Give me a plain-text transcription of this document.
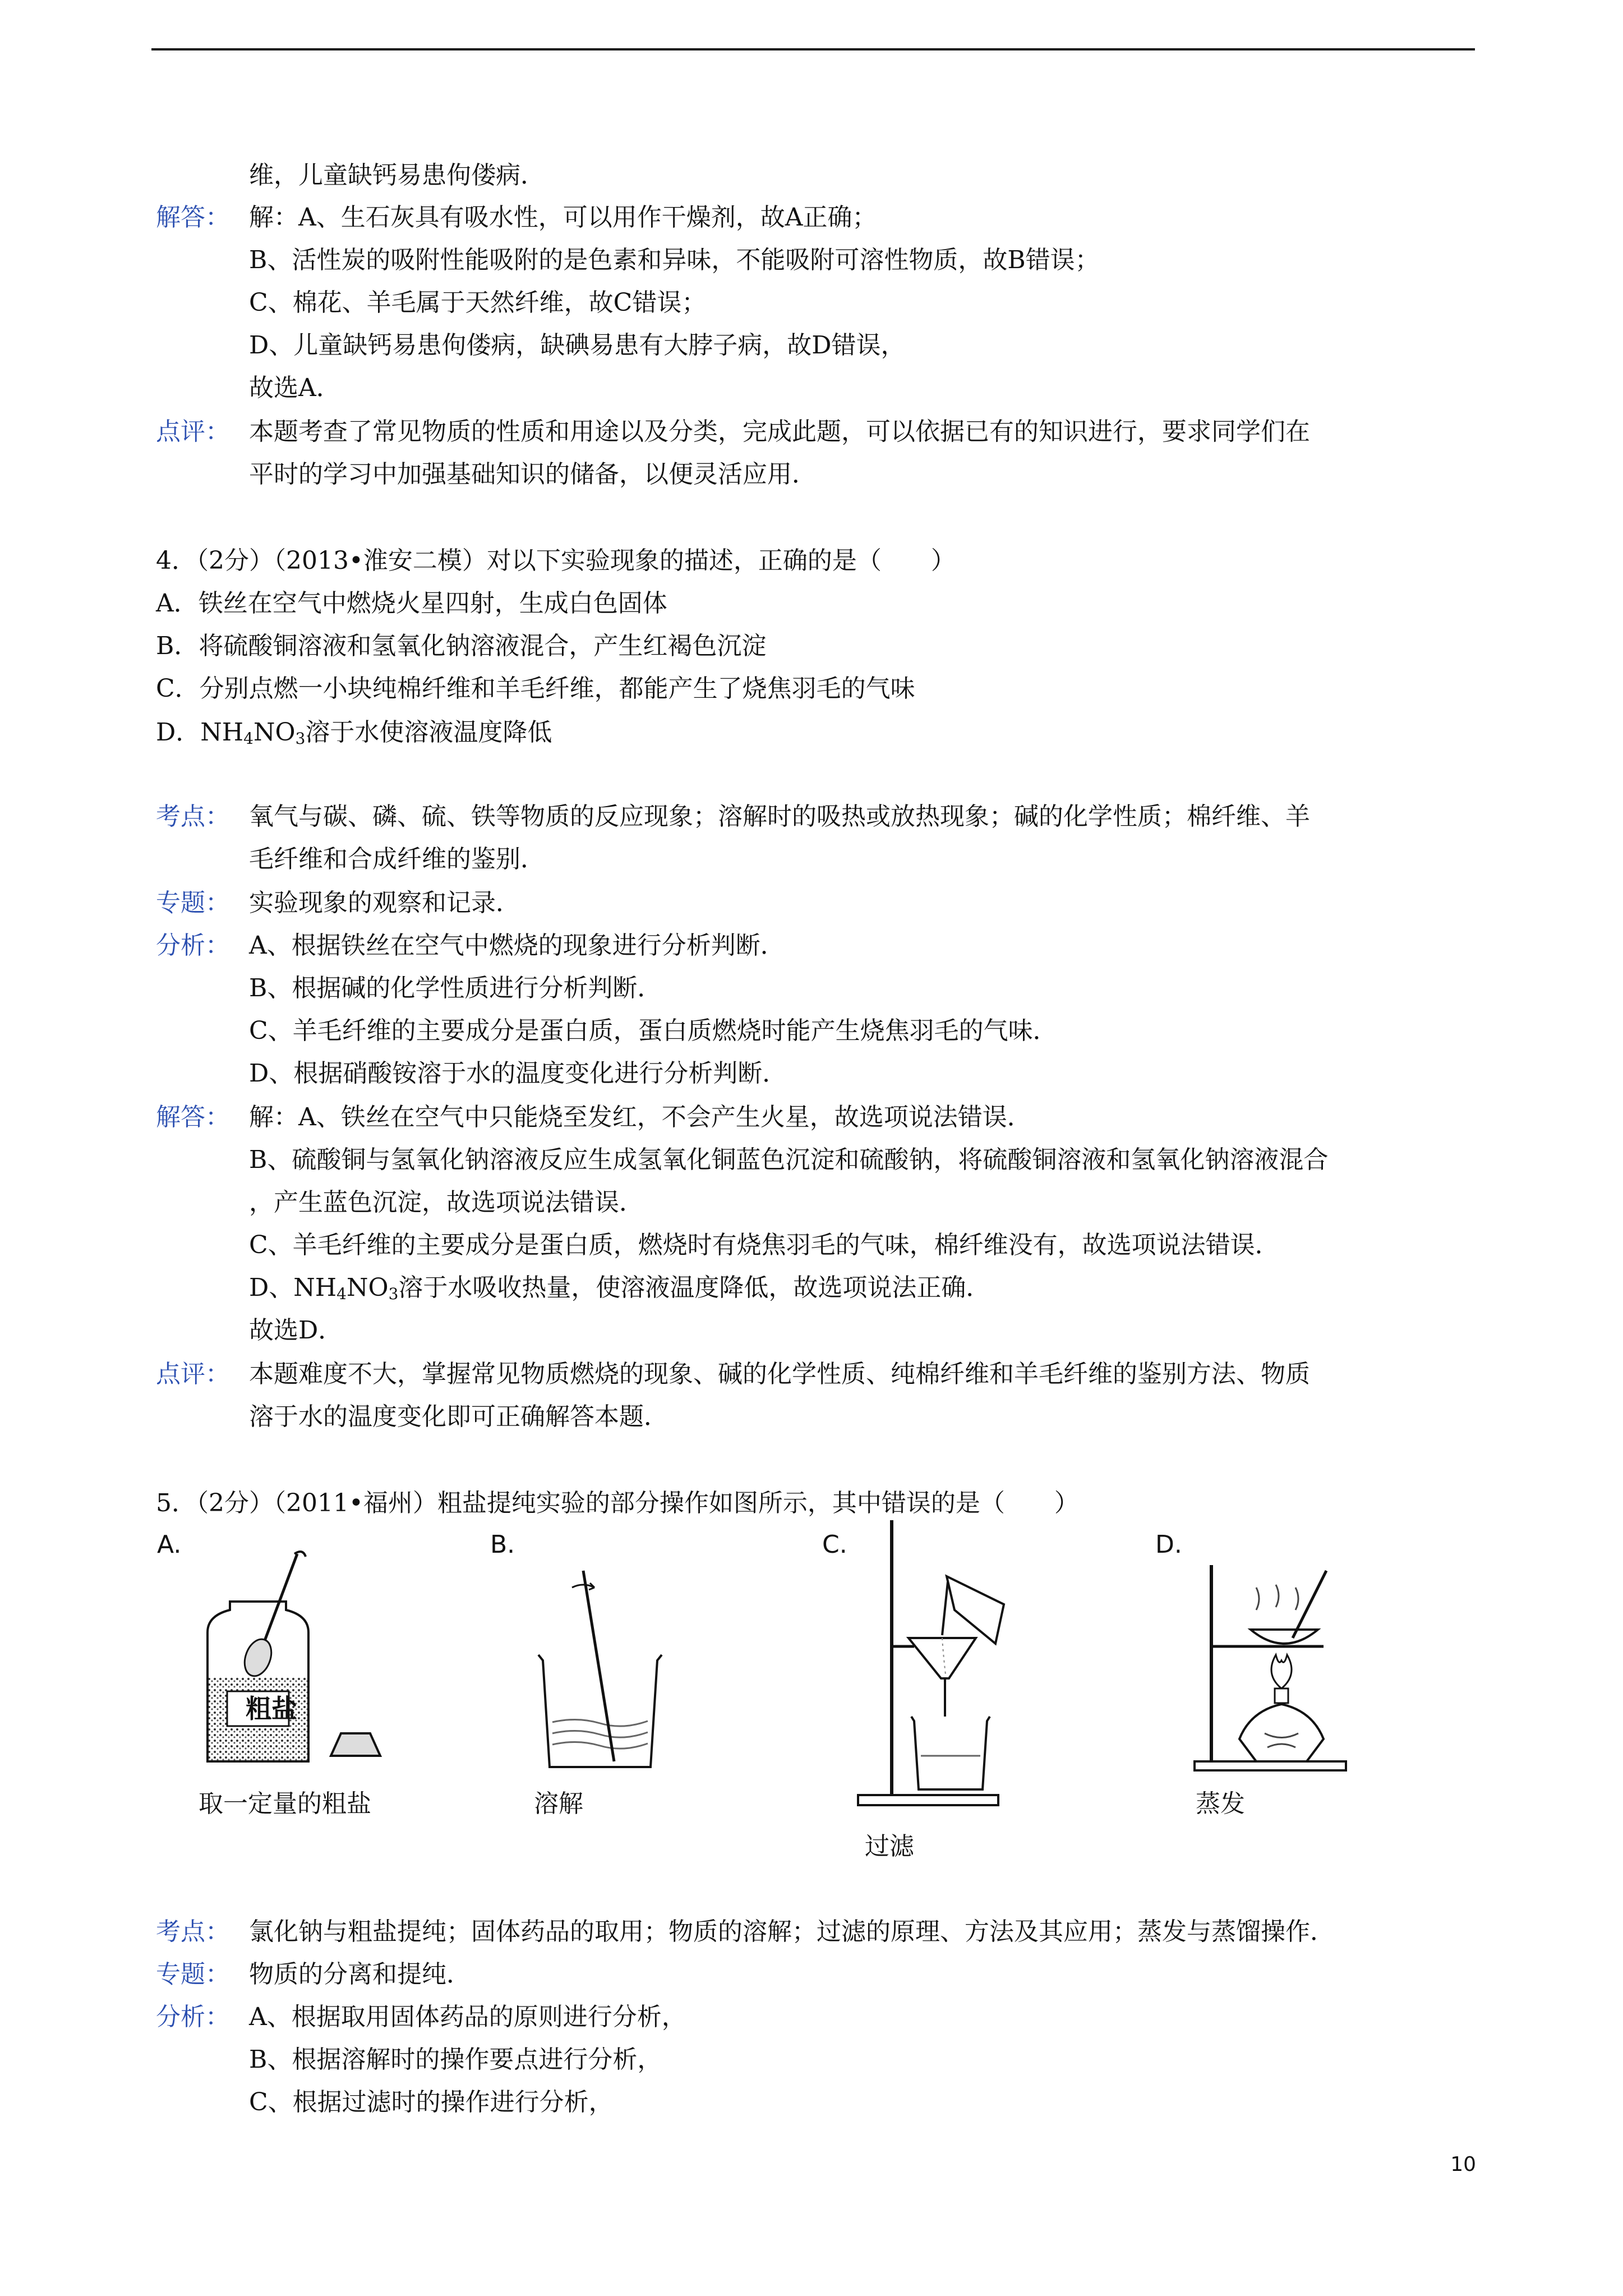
维，儿童缺钙易患佝偻病．
解答： 解：A、生石灰具有吸水性，可以用作干燥剂，故A正确；
B、活性炭的吸附性能吸附的是色素和异味，不能吸附可溶性物质，故B错误；
C、棉花、羊毛属于天然纤维，故C错误；
D、儿童缺钙易患佝偻病，缺碘易患有大脖子病，故D错误，
故选A．
点评： 本题考查了常见物质的性质和用途以及分类，完成此题，可以依据已有的知识进行，要求同学们在
平时的学习中加强基础知识的储备，以便灵活应用．
4．（2分）（2013•淮安二模）对以下实验现象的描述，正确的是（　　）
A．铁丝在空气中燃烧火星四射，生成白色固体
B．将硫酸铜溶液和氢氧化钠溶液混合，产生红褐色沉淀
C．分别点燃一小块纯棉纤维和羊毛纤维，都能产生了烧焦羽毛的气味
D．$NH_4NO_3$溶于水使溶液温度降低
考点： 氧气与碳、磷、硫、铁等物质的反应现象；溶解时的吸热或放热现象；碱的化学性质；棉纤维、羊
毛纤维和合成纤维的鉴别．
专题： 实验现象的观察和记录．
分析： A、根据铁丝在空气中燃烧的现象进行分析判断．
B、根据碱的化学性质进行分析判断．
C、羊毛纤维的主要成分是蛋白质，蛋白质燃烧时能产生烧焦羽毛的气味．
D、根据硝酸铵溶于水的温度变化进行分析判断．
解答： 解：A、铁丝在空气中只能烧至发红，不会产生火星，故选项说法错误．
B、硫酸铜与氢氧化钠溶液反应生成氢氧化铜蓝色沉淀和硫酸钠，将硫酸铜溶液和氢氧化钠溶液混合
，产生蓝色沉淀，故选项说法错误．
C、羊毛纤维的主要成分是蛋白质，燃烧时有烧焦羽毛的气味，棉纤维没有，故选项说法错误．
D、$NH_4NO_3$溶于水吸收热量，使溶液温度降低，故选项说法正确．
故选D．
点评： 本题难度不大，掌握常见物质燃烧的现象、碱的化学性质、纯棉纤维和羊毛纤维的鉴别方法、物质
溶于水的温度变化即可正确解答本题．
5．（2分）（2011•福州）粗盐提纯实验的部分操作如图所示，其中错误的是（　　）
A.	B.	C.	D.
粗盐
取一定量的粗盐	溶解
过滤
蒸发
考点： 氯化钠与粗盐提纯；固体药品的取用；物质的溶解；过滤的原理、方法及其应用；蒸发与蒸馏操作．
专题： 物质的分离和提纯．
分析： A、根据取用固体药品的原则进行分析，
B、根据溶解时的操作要点进行分析，
C、根据过滤时的操作进行分析，
10
